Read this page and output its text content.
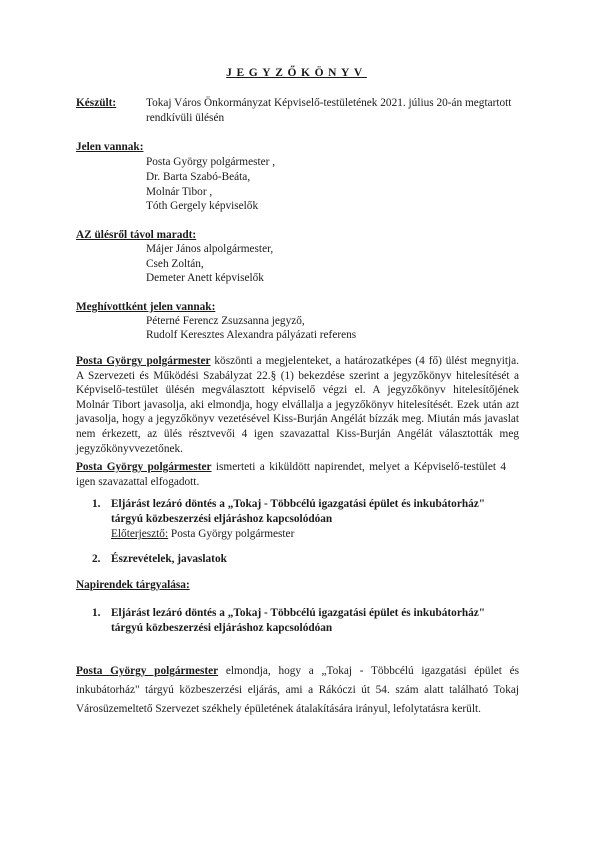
JEGYZŐKÖNYV
Készült:	Tokaj Város Önkormányzat Képviselő-testületének 2021. július 20-án megtartott
rendkívüli ülésén
Jelen vannak:
Posta György polgármester ,
Dr. Barta Szabó-Beáta,
Molnár Tibor ,
Tóth Gergely képviselők
AZ ülésről távol maradt:
Májer János alpolgármester,
Cseh Zoltán,
Demeter Anett képviselők
Meghívottként jelen vannak:
Péterné Ferencz Zsuzsanna jegyző,
Rudolf Keresztes Alexandra pályázati referens
Posta György polgármester köszönti a megjelenteket, a határozatképes (4 fő) ülést megnyitja.
A Szervezeti és Működési Szabályzat 22.§ (1) bekezdése szerint a jegyzőkönyv hitelesítését a
Képviselő-testület ülésén megválasztott képviselő végzi el. A jegyzőkönyv hitelesítőjének
Molnár Tibort javasolja, aki elmondja, hogy elvállalja a jegyzőkönyv hitelesítését. Ezek után azt
javasolja, hogy a jegyzőkönyv vezetésével Kiss-Burján Angélát bízzák meg. Miután más javaslat
nem érkezett, az ülés résztvevői 4 igen szavazattal Kiss-Burján Angélát választották meg
jegyzőkönyvvezetőnek.
Posta György polgármester ismerteti a kiküldött napirendet, melyet a Képviselő-testület 4
igen szavazattal elfogadott.
1. Eljárást lezáró döntés a „Tokaj - Többcélú igazgatási épület és inkubátorház"
tárgyú közbeszerzési eljáráshoz kapcsolódóan
Előterjesztő: Posta György polgármester
2. Észrevételek, javaslatok
Napirendek tárgyalása:
1. Eljárást lezáró döntés a „Tokaj - Többcélú igazgatási épület és inkubátorház"
tárgyú közbeszerzési eljáráshoz kapcsolódóan
Posta György polgármester elmondja, hogy a „Tokaj - Többcélú igazgatási épület és
inkubátorház" tárgyú közbeszerzési eljárás, ami a Rákóczi út 54. szám alatt található Tokaj
Városüzemeltető Szervezet székhely épületének átalakítására irányul, lefolytatásra került.
